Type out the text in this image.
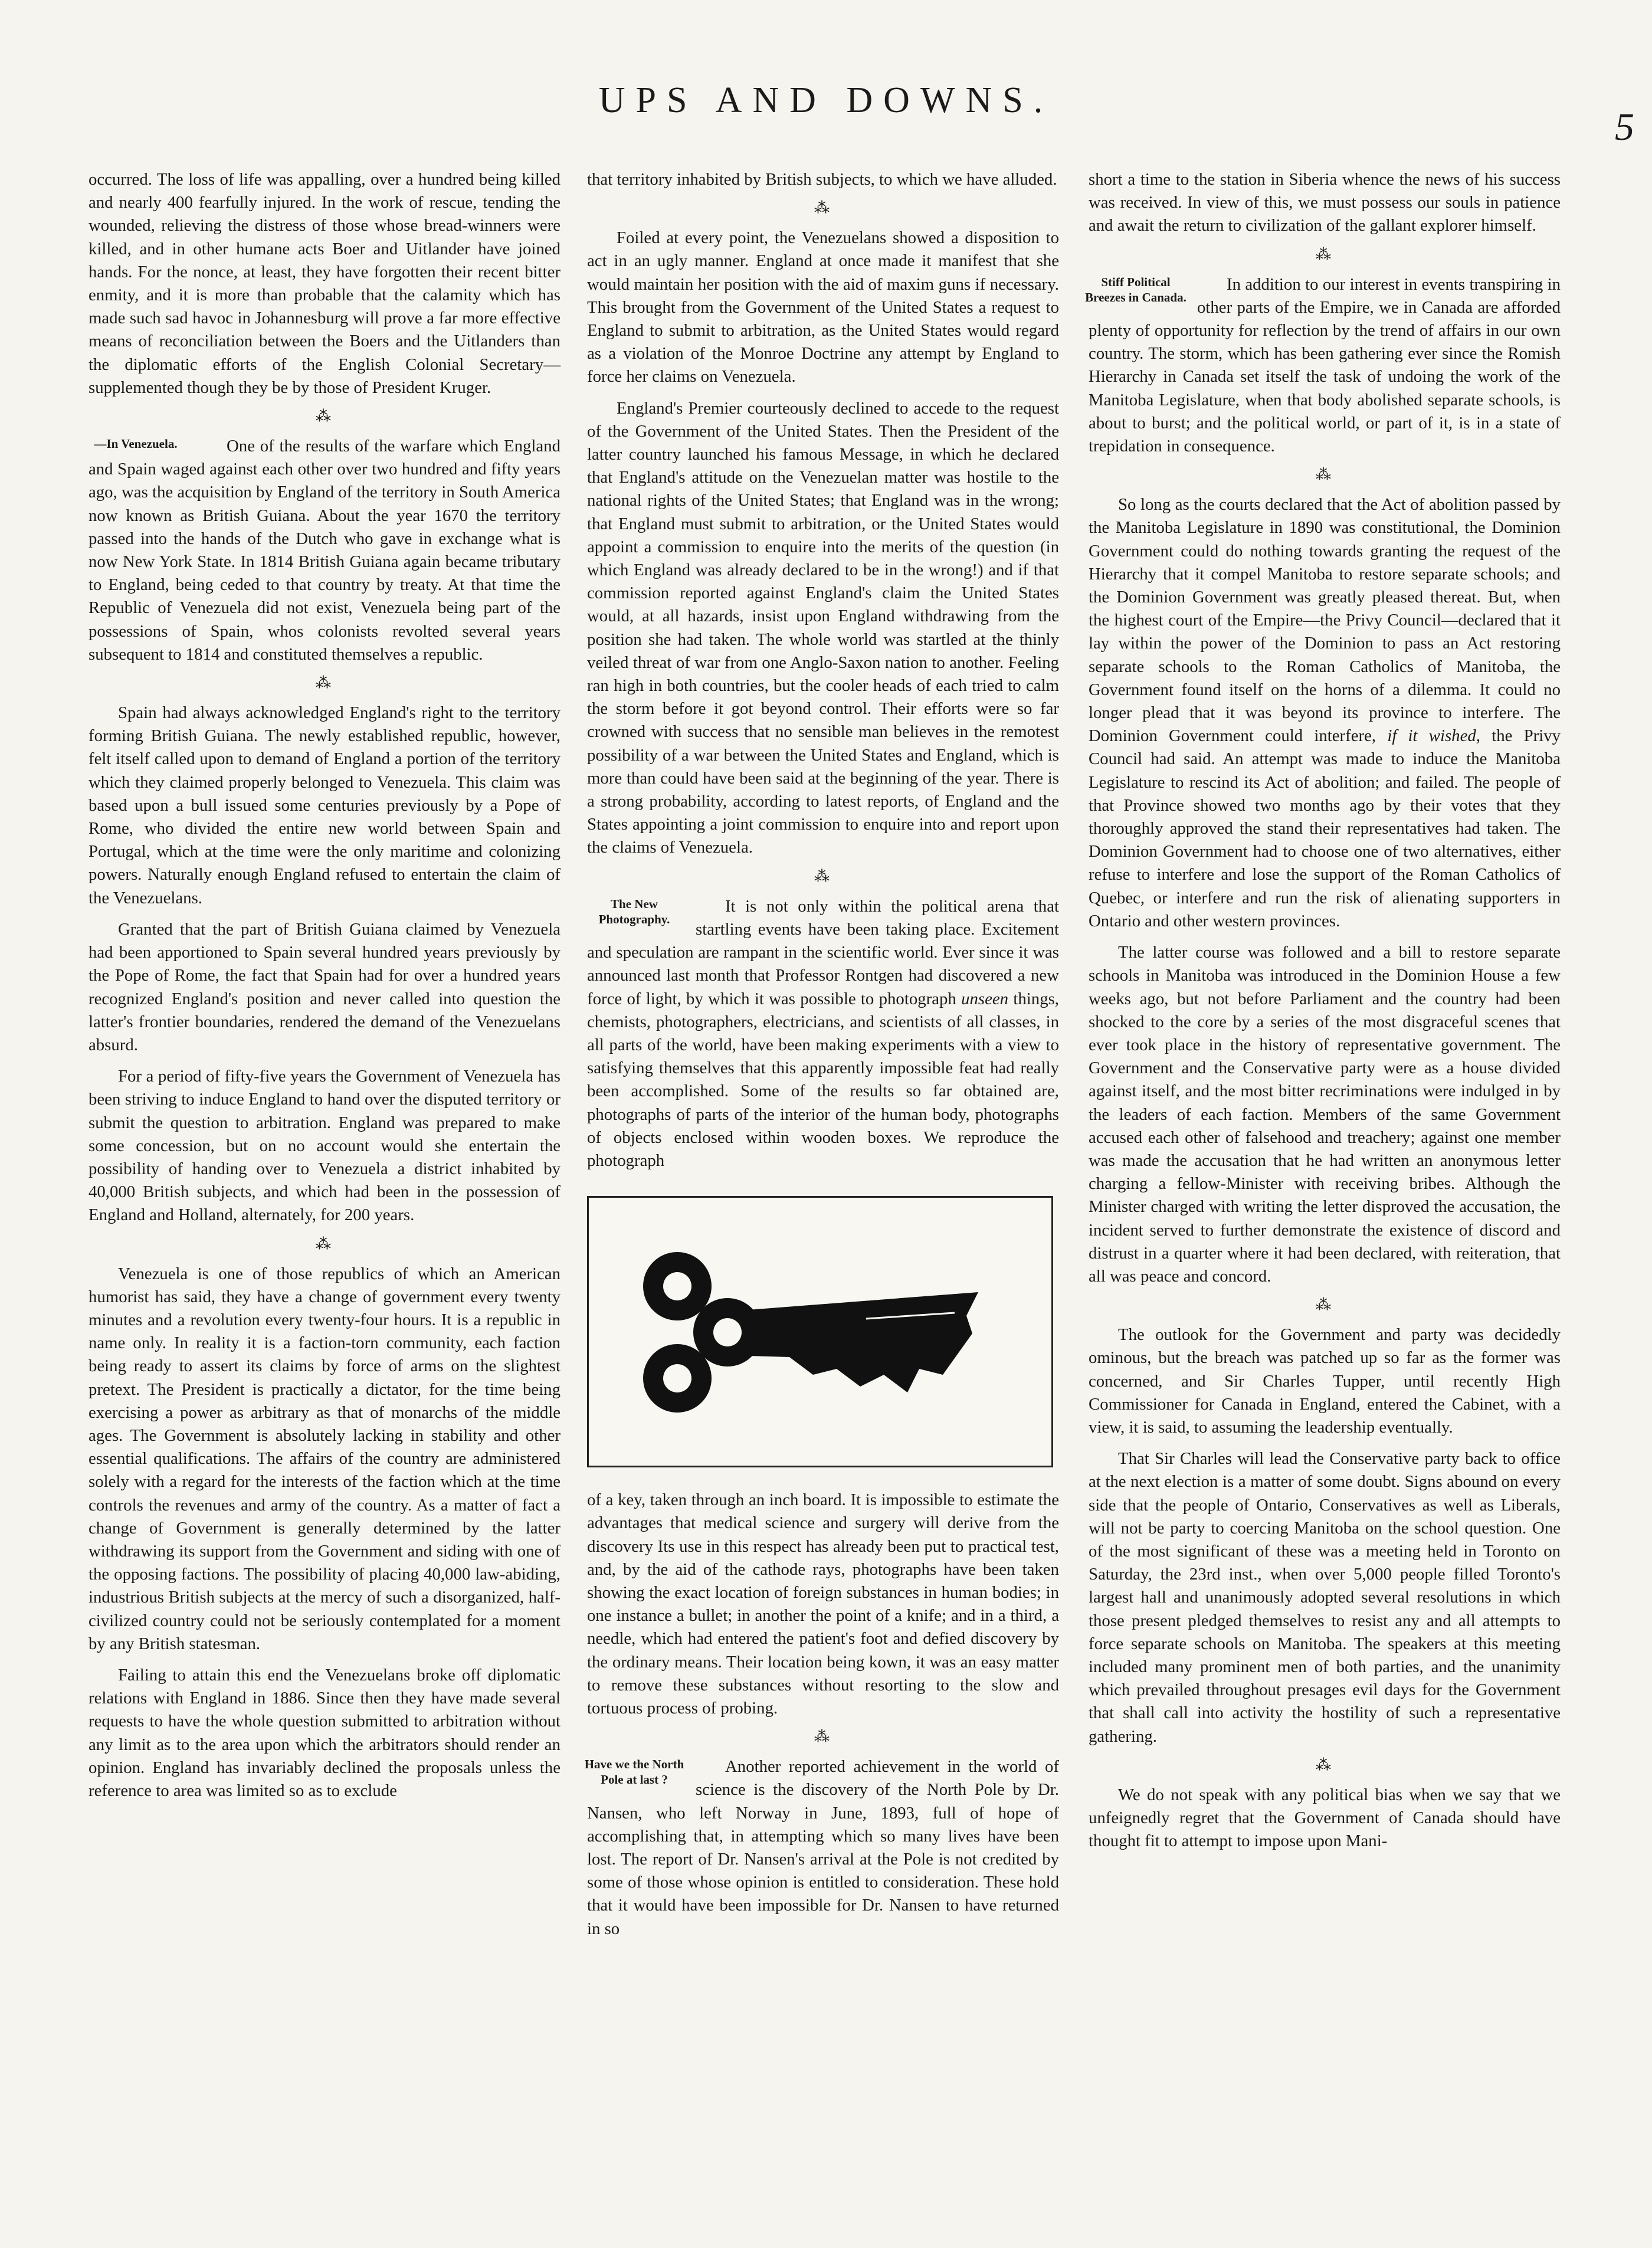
UPS AND DOWNS.
5

occurred. The loss of life was appalling, over a hundred being killed and nearly 400 fearfully injured. In the work of rescue, tending the wounded, relieving the distress of those whose bread-winners were killed, and in other humane acts Boer and Uitlander have joined hands. For the nonce, at least, they have forgotten their recent bitter enmity, and it is more than probable that the calamity which has made such sad havoc in Johannesburg will prove a far more effective means of reconciliation between the Boers and the Uitlanders than the diplomatic efforts of the English Colonial Secretary—supplemented though they be by those of President Kruger.

⁂

—In Venezuela.	One of the results of the warfare which England and Spain waged against each other over two hundred and fifty years ago, was the acquisition by England of the territory in South America now known as British Guiana. About the year 1670 the territory passed into the hands of the Dutch who gave in exchange what is now New York State. In 1814 British Guiana again became tributary to England, being ceded to that country by treaty. At that time the Republic of Venezuela did not exist, Venezuela being part of the possessions of Spain, whos colonists revolted several years subsequent to 1814 and constituted themselves a republic.

⁂

Spain had always acknowledged England's right to the territory forming British Guiana. The newly established republic, however, felt itself called upon to demand of England a portion of the territory which they claimed properly belonged to Venezuela. This claim was based upon a bull issued some centuries previously by a Pope of Rome, who divided the entire new world between Spain and Portugal, which at the time were the only maritime and colonizing powers. Naturally enough England refused to entertain the claim of the Venezuelans.

Granted that the part of British Guiana claimed by Venezuela had been apportioned to Spain several hundred years previously by the Pope of Rome, the fact that Spain had for over a hundred years recognized England's position and never called into question the latter's frontier boundaries, rendered the demand of the Venezuelans absurd.

For a period of fifty-five years the Government of Venezuela has been striving to induce England to hand over the disputed territory or submit the question to arbitration. England was prepared to make some concession, but on no account would she entertain the possibility of handing over to Venezuela a district inhabited by 40,000 British subjects, and which had been in the possession of England and Holland, alternately, for 200 years.

⁂

Venezuela is one of those republics of which an American humorist has said, they have a change of government every twenty minutes and a revolution every twenty-four hours. It is a republic in name only. In reality it is a faction-torn community, each faction being ready to assert its claims by force of arms on the slightest pretext. The President is practically a dictator, for the time being exercising a power as arbitrary as that of monarchs of the middle ages. The Government is absolutely lacking in stability and other essential qualifications. The affairs of the country are administered solely with a regard for the interests of the faction which at the time controls the revenues and army of the country. As a matter of fact a change of Government is generally determined by the latter withdrawing its support from the Government and siding with one of the opposing factions. The possibility of placing 40,000 law-abiding, industrious British subjects at the mercy of such a disorganized, half-civilized country could not be seriously contemplated for a moment by any British statesman.

Failing to attain this end the Venezuelans broke off diplomatic relations with England in 1886. Since then they have made several requests to have the whole question submitted to arbitration without any limit as to the area upon which the arbitrators should render an opinion. England has invariably declined the proposals unless the reference to area was limited so as to exclude

that territory inhabited by British subjects, to which we have alluded.

⁂

Foiled at every point, the Venezuelans showed a disposition to act in an ugly manner. England at once made it manifest that she would maintain her position with the aid of maxim guns if necessary. This brought from the Government of the United States a request to England to submit to arbitration, as the United States would regard as a violation of the Monroe Doctrine any attempt by England to force her claims on Venezuela.

England's Premier courteously declined to accede to the request of the Government of the United States. Then the President of the latter country launched his famous Message, in which he declared that England's attitude on the Venezuelan matter was hostile to the national rights of the United States; that England was in the wrong; that England must submit to arbitration, or the United States would appoint a commission to enquire into the merits of the question (in which England was already declared to be in the wrong!) and if that commission reported against England's claim the United States would, at all hazards, insist upon England withdrawing from the position she had taken. The whole world was startled at the thinly veiled threat of war from one Anglo-Saxon nation to another. Feeling ran high in both countries, but the cooler heads of each tried to calm the storm before it got beyond control. Their efforts were so far crowned with success that no sensible man believes in the remotest possibility of a war between the United States and England, which is more than could have been said at the beginning of the year. There is a strong probability, according to latest reports, of England and the States appointing a joint commission to enquire into and report upon the claims of Venezuela.

⁂

The New Photography.
It is not only within the political arena that startling events have been taking place. Excitement and speculation are rampant in the scientific world. Ever since it was announced last month that Professor Rontgen had discovered a new force of light, by which it was possible to photograph unseen things, chemists, photographers, electricians, and scientists of all classes, in all parts of the world, have been making experiments with a view to satisfying themselves that this apparently impossible feat had really been accomplished. Some of the results so far obtained are, photographs of parts of the interior of the human body, photographs of objects enclosed within wooden boxes. We reproduce the photograph

of a key, taken through an inch board. It is impossible to estimate the advantages that medical science and surgery will derive from the discovery Its use in this respect has already been put to practical test, and, by the aid of the cathode rays, photographs have been taken showing the exact location of foreign substances in human bodies; in one instance a bullet; in another the point of a knife; and in a third, a needle, which had entered the patient's foot and defied discovery by the ordinary means. Their location being kown, it was an easy matter to remove these substances without resorting to the slow and tortuous process of probing.

⁂

Have we the North Pole at last ?
Another reported achievement in the world of science is the discovery of the North Pole by Dr. Nansen, who left Norway in June, 1893, full of hope of accomplishing that, in attempting which so many lives have been lost. The report of Dr. Nansen's arrival at the Pole is not credited by some of those whose opinion is entitled to consideration. These hold that it would have been impossible for Dr. Nansen to have returned in so

short a time to the station in Siberia whence the news of his success was received. In view of this, we must possess our souls in patience and await the return to civilization of the gallant explorer himself.

⁂

Stiff Political Breezes in Canada.
In addition to our interest in events transpiring in other parts of the Empire, we in Canada are afforded plenty of opportunity for reflection by the trend of affairs in our own country. The storm, which has been gathering ever since the Romish Hierarchy in Canada set itself the task of undoing the work of the Manitoba Legislature, when that body abolished separate schools, is about to burst; and the political world, or part of it, is in a state of trepidation in consequence.

⁂

So long as the courts declared that the Act of abolition passed by the Manitoba Legislature in 1890 was constitutional, the Dominion Government could do nothing towards granting the request of the Hierarchy that it compel Manitoba to restore separate schools; and the Dominion Government was greatly pleased thereat. But, when the highest court of the Empire—the Privy Council—declared that it lay within the power of the Dominion to pass an Act restoring separate schools to the Roman Catholics of Manitoba, the Government found itself on the horns of a dilemma. It could no longer plead that it was beyond its province to interfere. The Dominion Government could interfere, if it wished, the Privy Council had said. An attempt was made to induce the Manitoba Legislature to rescind its Act of abolition; and failed. The people of that Province showed two months ago by their votes that they thoroughly approved the stand their representatives had taken. The Dominion Government had to choose one of two alternatives, either refuse to interfere and lose the support of the Roman Catholics of Quebec, or interfere and run the risk of alienating supporters in Ontario and other western provinces.

The latter course was followed and a bill to restore separate schools in Manitoba was introduced in the Dominion House a few weeks ago, but not before Parliament and the country had been shocked to the core by a series of the most disgraceful scenes that ever took place in the history of representative government. The Government and the Conservative party were as a house divided against itself, and the most bitter recriminations were indulged in by the leaders of each faction. Members of the same Government accused each other of falsehood and treachery; against one member was made the accusation that he had written an anonymous letter charging a fellow-Minister with receiving bribes. Although the Minister charged with writing the letter disproved the accusation, the incident served to further demonstrate the existence of discord and distrust in a quarter where it had been declared, with reiteration, that all was peace and concord.

⁂

The outlook for the Government and party was decidedly ominous, but the breach was patched up so far as the former was concerned, and Sir Charles Tupper, until recently High Commissioner for Canada in England, entered the Cabinet, with a view, it is said, to assuming the leadership eventually.

That Sir Charles will lead the Conservative party back to office at the next election is a matter of some doubt. Signs abound on every side that the people of Ontario, Conservatives as well as Liberals, will not be party to coercing Manitoba on the school question. One of the most significant of these was a meeting held in Toronto on Saturday, the 23rd inst., when over 5,000 people filled Toronto's largest hall and unanimously adopted several resolutions in which those present pledged themselves to resist any and all attempts to force separate schools on Manitoba. The speakers at this meeting included many prominent men of both parties, and the unanimity which prevailed throughout presages evil days for the Government that shall call into activity the hostility of such a representative gathering.

⁂

We do not speak with any political bias when we say that we unfeignedly regret that the Government of Canada should have thought fit to attempt to impose upon Mani-
